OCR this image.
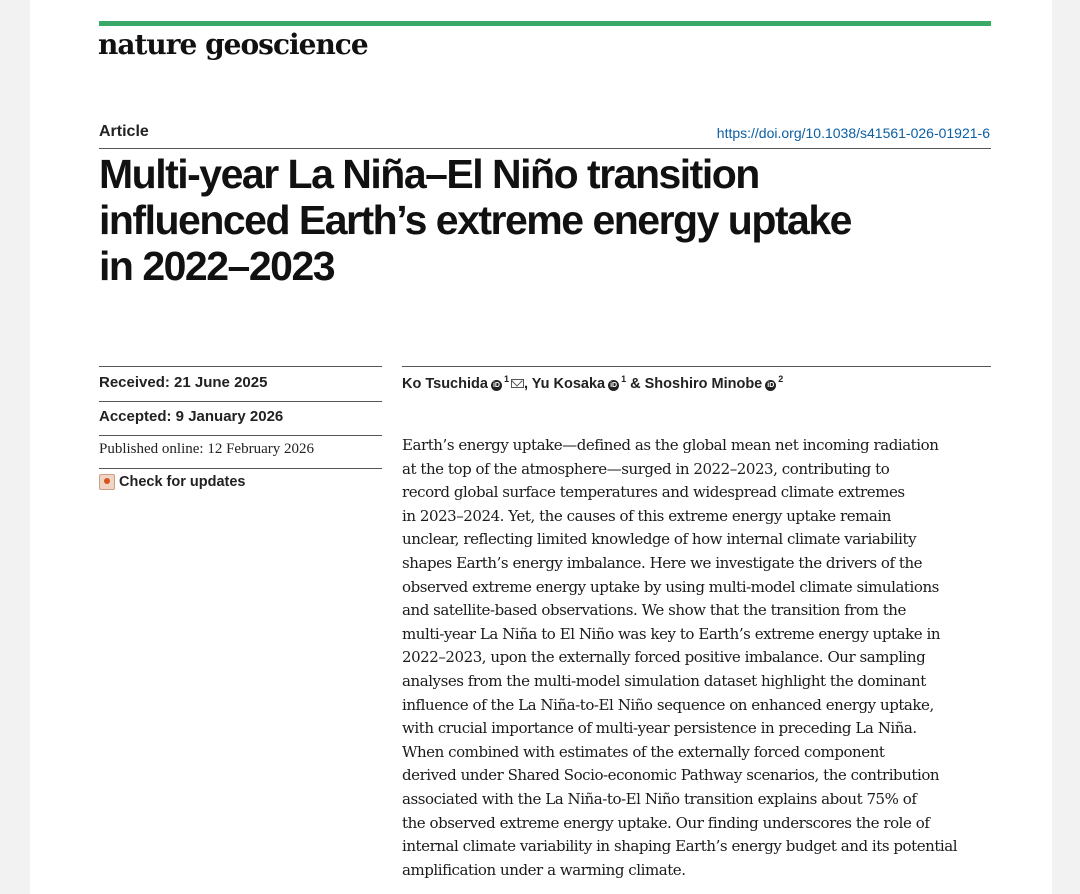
nature geoscience
Article	https://doi.org/10.1038/s41561-026-01921-6
Multi-year La Niña–El Niño transition
influenced Earth’s extreme energy uptake
in 2022–2023
Received: 21 June 2025
Accepted: 9 January 2026
Published online: 12 February 2026
Check for updates
Ko Tsuchida $iD^1$ , Yu Kosaka $iD^1$ & Shoshiro Minobe $iD^2$

Earth’s energy uptake—defined as the global mean net incoming radiation
at the top of the atmosphere—surged in 2022–2023, contributing to
record global surface temperatures and widespread climate extremes
in 2023–2024. Yet, the causes of this extreme energy uptake remain
unclear, reflecting limited knowledge of how internal climate variability
shapes Earth’s energy imbalance. Here we investigate the drivers of the
observed extreme energy uptake by using multi-model climate simulations
and satellite-based observations. We show that the transition from the
multi-year La Niña to El Niño was key to Earth’s extreme energy uptake in
2022–2023, upon the externally forced positive imbalance. Our sampling
analyses from the multi-model simulation dataset highlight the dominant
influence of the La Niña-to-El Niño sequence on enhanced energy uptake,
with crucial importance of multi-year persistence in preceding La Niña.
When combined with estimates of the externally forced component
derived under Shared Socio-economic Pathway scenarios, the contribution
associated with the La Niña-to-El Niño transition explains about 75% of
the observed extreme energy uptake. Our finding underscores the role of
internal climate variability in shaping Earth’s energy budget and its potential
amplification under a warming climate.
